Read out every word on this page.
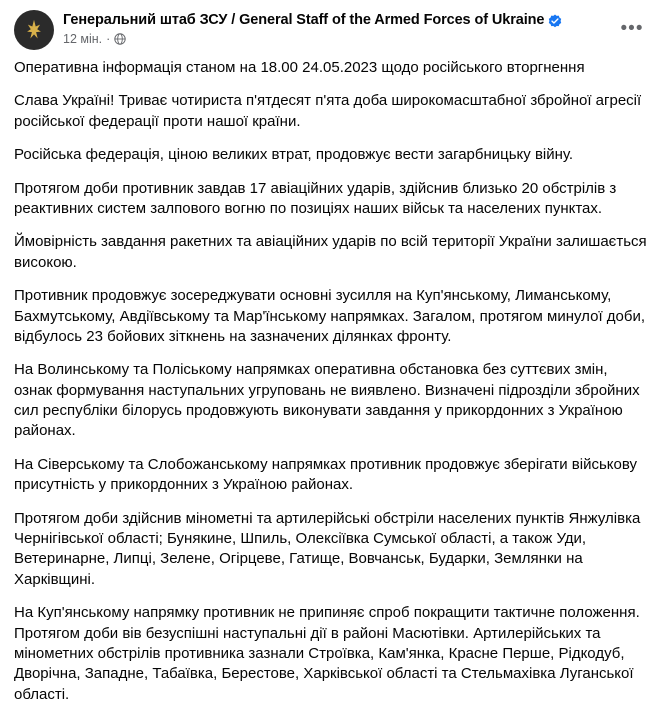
Генеральний штаб ЗСУ / General Staff of the Armed Forces of Ukraine
12 мін. ·
•••

Оперативна інформація станом на 18.00 24.05.2023 щодо російського вторгнення

Слава Україні! Триває чотириста п'ятдесят п'ята доба широкомасштабної збройної агресії російської федерації проти нашої країни.

Російська федерація, ціною великих втрат, продовжує вести загарбницьку війну.

Протягом доби противник завдав 17 авіаційних ударів, здійснив близько 20 обстрілів з реактивних систем залпового вогню по позиціях наших військ та населених пунктах.

Ймовірність завдання ракетних та авіаційних ударів по всій території України залишається високою.

Противник продовжує зосереджувати основні зусилля на Куп'янському, Лиманському, Бахмутському, Авдіївському та Мар'їнському напрямках. Загалом, протягом минулої доби, відбулось 23 бойових зіткнень на зазначених ділянках фронту.

На Волинському та Поліському напрямках оперативна обстановка без суттєвих змін, ознак формування наступальних угруповань не виявлено. Визначені підрозділи збройних сил республіки білорусь продовжують виконувати завдання у прикордонних з Україною районах.

На Сіверському та Слобожанському напрямках противник продовжує зберігати військову присутність у прикордонних з Україною районах.

Протягом доби здійснив мінометні та артилерійські обстріли населених пунктів Янжулівка Чернігівської області; Бунякине, Шпиль, Олексіївка Сумської області, а також Уди, Ветеринарне, Липці, Зелене, Огірцеве, Гатище, Вовчанськ, Бударки, Землянки на Харківщині.

На Куп'янському напрямку противник не припиняє спроб покращити тактичне положення. Протягом доби вів безуспішні наступальні дії в районі Масютівки. Артилерійських та мінометних обстрілів противника зазнали Строївка, Кам'янка, Красне Перше, Рідкодуб, Дворічна, Западне, Табаївка, Берестове, Харківської області та Стельмахівка Луганської області.
